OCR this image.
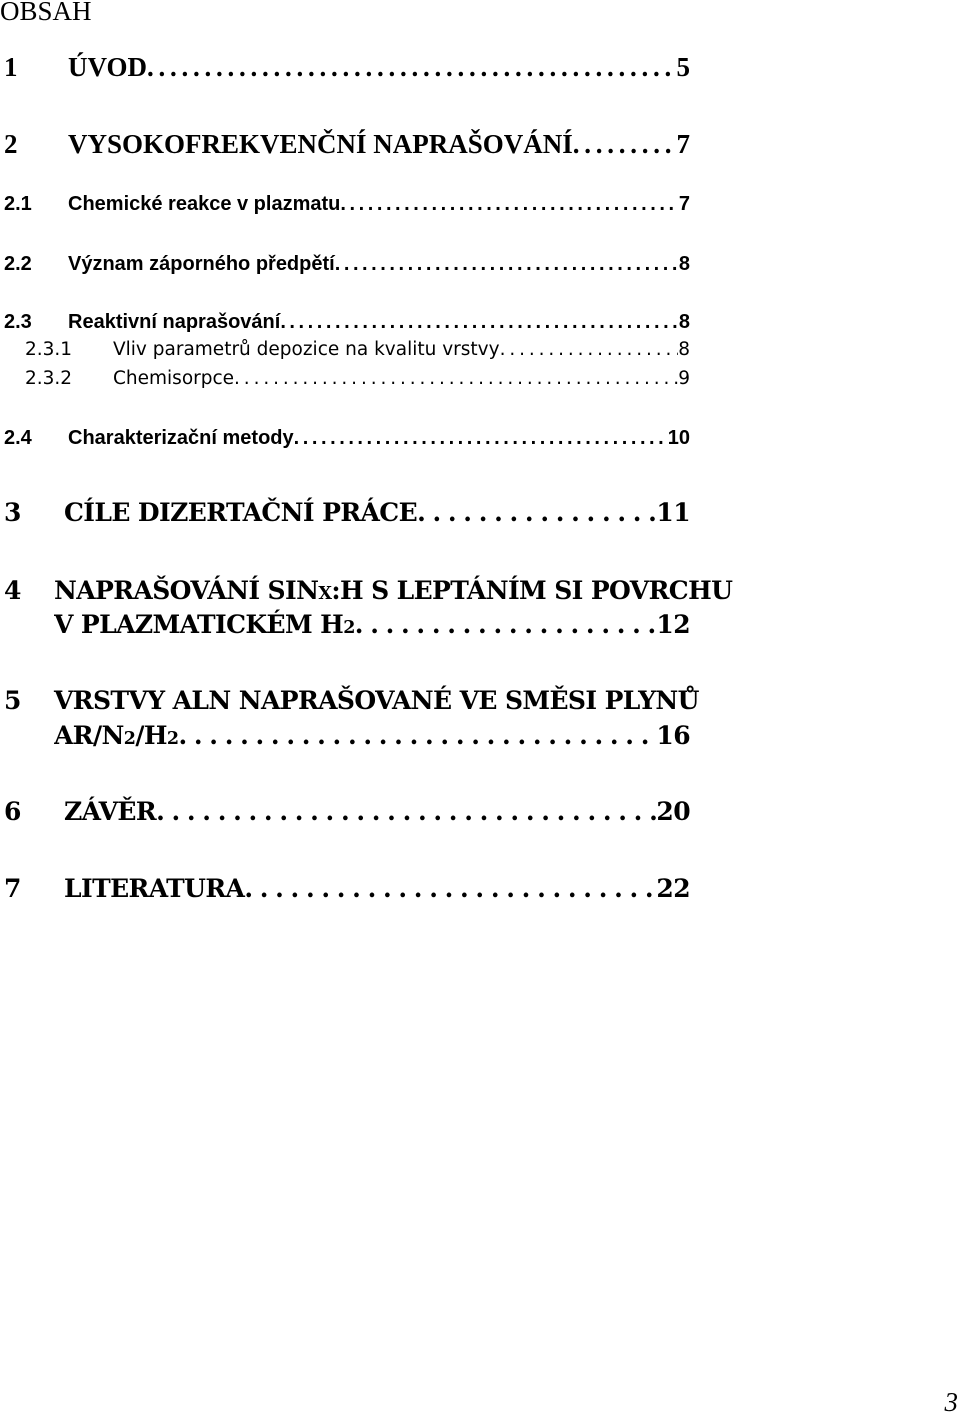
OBSAH
1	ÚVOD . . .	5
2	VYSOKOFREKVENČNÍ NAPRAŠOVÁNÍ . . .	7
2.1	Chemické reakce v plazmatu . . .	7
2.2	Význam záporného předpětí . . .	8
2.3	Reaktivní naprašování . . .	8
2.3.1	Vliv parametrů depozice na kvalitu vrstvy . . .	8
2.3.2	Chemisorpce . . .	9
2.4	Charakterizační metody . . .	10
3	CÍLE DIZERTAČNÍ PRÁCE . . .	11
4 NAPRAŠOVÁNÍ SINX:H S LEPTÁNÍM SI POVRCHU
V PLAZMATICKÉM H2 . . .	12
5 VRSTVY ALN NAPRAŠOVANÉ VE SMĚSI PLYNŮ
AR/N2/H2 . . .	16
6	ZÁVĚR . . .	20
7	LITERATURA . . .	22
3
